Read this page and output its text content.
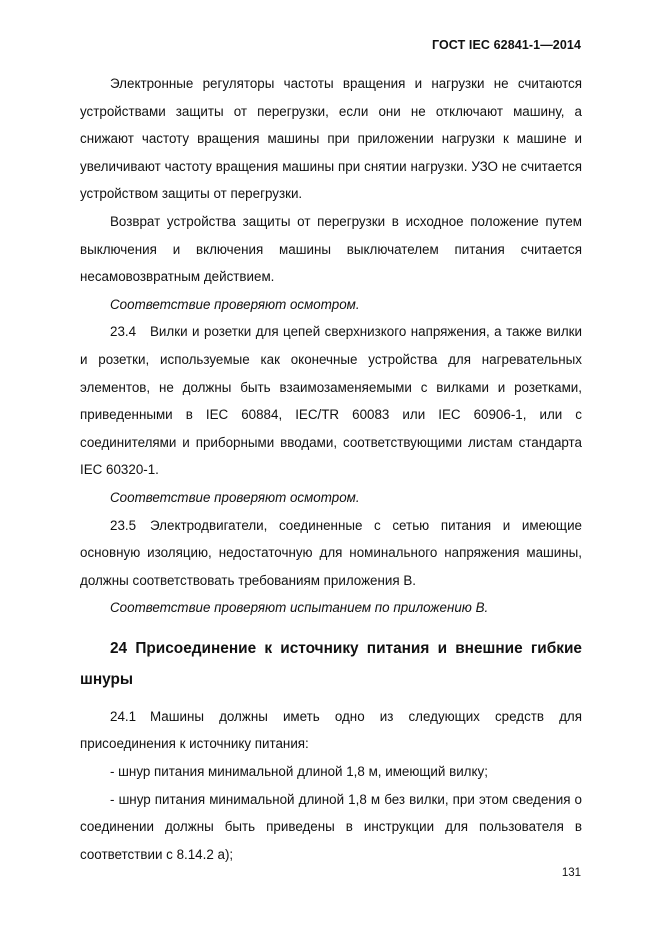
ГОСТ IEC 62841-1—2014

Электронные регуляторы частоты вращения и нагрузки не считаются устройствами защиты от перегрузки, если они не отключают машину, а снижают частоту вращения машины при приложении нагрузки к машине и увеличивают частоту вращения машины при снятии нагрузки. УЗО не считается устройством защиты от перегрузки.

Возврат устройства защиты от перегрузки в исходное положение путем выключения и включения машины выключателем питания считается несамовозвратным действием.

Соответствие проверяют осмотром.

23.4 Вилки и розетки для цепей сверхнизкого напряжения, а также вилки и розетки, используемые как оконечные устройства для нагревательных элементов, не должны быть взаимозаменяемыми с вилками и розетками, приведенными в IEC 60884, IEC/TR 60083 или IEC 60906-1, или с соединителями и приборными вводами, соответствующими листам стандарта IEC 60320-1.

Соответствие проверяют осмотром.

23.5 Электродвигатели, соединенные с сетью питания и имеющие основную изоляцию, недостаточную для номинального напряжения машины, должны соответствовать требованиям приложения В.

Соответствие проверяют испытанием по приложению В.

24 Присоединение к источнику питания и внешние гибкие шнуры

24.1 Машины должны иметь одно из следующих средств для присоединения к источнику питания:

- шнур питания минимальной длиной 1,8 м, имеющий вилку;

- шнур питания минимальной длиной 1,8 м без вилки, при этом сведения о соединении должны быть приведены в инструкции для пользователя в соответствии с 8.14.2 а);

131
